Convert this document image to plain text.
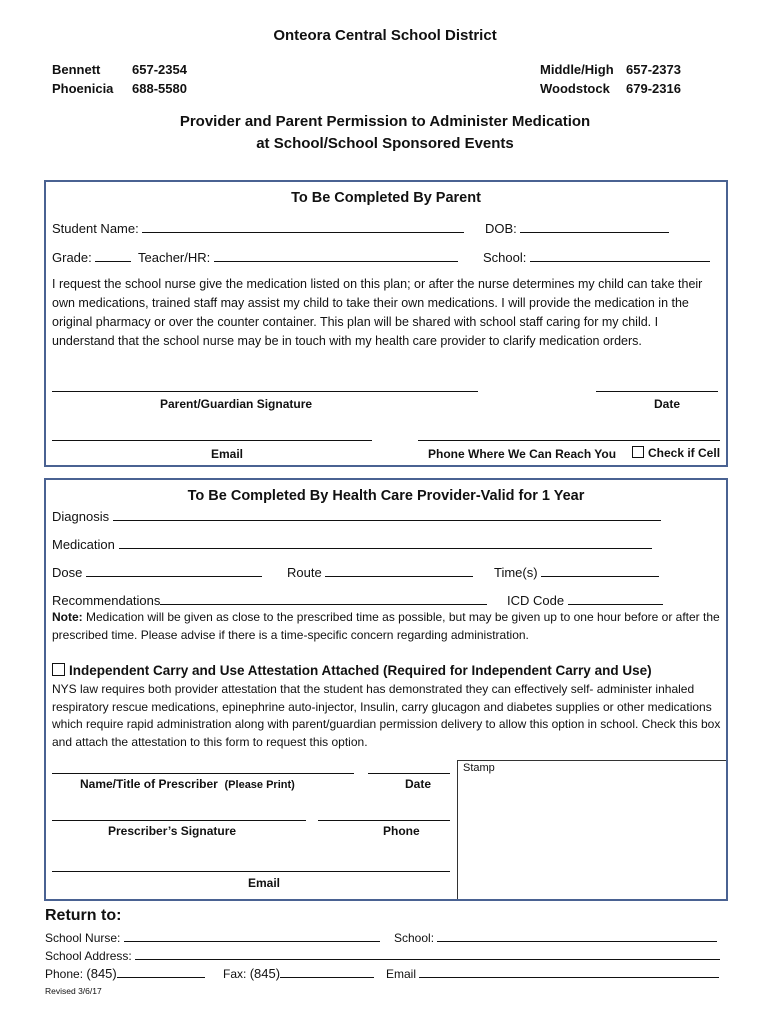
Onteora Central School District
Bennett 657-2354
Phoenicia 688-5580
Middle/High 657-2373
Woodstock 679-2316
Provider and Parent Permission to Administer Medication
at School/School Sponsored Events
To Be Completed By Parent
Student Name:	DOB:
Grade:	Teacher/HR:	School:
I request the school nurse give the medication listed on this plan; or after the nurse determines my child can take their own medications, trained staff may assist my child to take their own medications. I will provide the medication in the original pharmacy or over the counter container. This plan will be shared with school staff caring for my child. I understand that the school nurse may be in touch with my health care provider to clarify medication orders.
Parent/Guardian Signature	Date
Email	Phone Where We Can Reach You	Check if Cell
To Be Completed By Health Care Provider-Valid for 1 Year
Diagnosis
Medication
Dose	Route	Time(s)
Recommendations	ICD Code
Note: Medication will be given as close to the prescribed time as possible, but may be given up to one hour before or after the prescribed time. Please advise if there is a time-specific concern regarding administration.
Independent Carry and Use Attestation Attached (Required for Independent Carry and Use)
NYS law requires both provider attestation that the student has demonstrated they can effectively self- administer inhaled respiratory rescue medications, epinephrine auto-injector, Insulin, carry glucagon and diabetes supplies or other medications which require rapid administration along with parent/guardian permission delivery to allow this option in school. Check this box and attach the attestation to this form to request this option.
Stamp
Name/Title of Prescriber (Please Print)	Date
Prescriber’s Signature	Phone
Email
Return to:
School Nurse:	School:
School Address:
Phone: (845)	Fax: (845)	Email
Revised 3/6/17
